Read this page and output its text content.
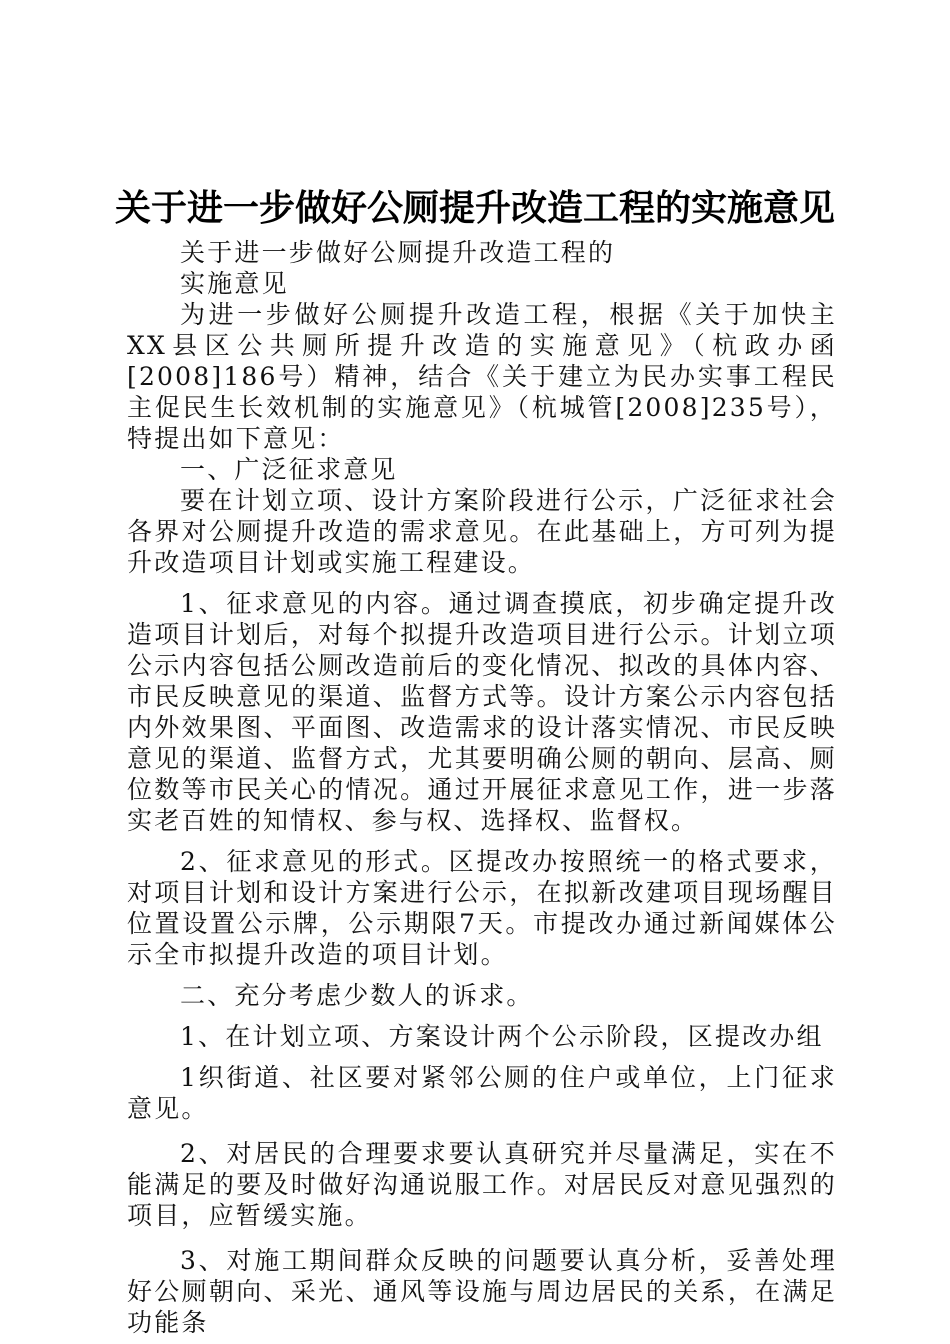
关于进一步做好公厕提升改造工程的实施意见

关于进一步做好公厕提升改造工程的

实施意见

为进一步做好公厕提升改造工程，根据《关于加快主XX县区公共厕所提升改造的实施意见》（杭政办函[2008]186号）精神，结合《关于建立为民办实事工程民主促民生长效机制的实施意见》（杭城管[2008]235号），特提出如下意见：

一、广泛征求意见

要在计划立项、设计方案阶段进行公示，广泛征求社会各界对公厕提升改造的需求意见。在此基础上，方可列为提升改造项目计划或实施工程建设。

1、征求意见的内容。通过调查摸底，初步确定提升改造项目计划后，对每个拟提升改造项目进行公示。计划立项公示内容包括公厕改造前后的变化情况、拟改的具体内容、市民反映意见的渠道、监督方式等。设计方案公示内容包括内外效果图、平面图、改造需求的设计落实情况、市民反映意见的渠道、监督方式，尤其要明确公厕的朝向、层高、厕位数等市民关心的情况。通过开展征求意见工作，进一步落实老百姓的知情权、参与权、选择权、监督权。

2、征求意见的形式。区提改办按照统一的格式要求，对项目计划和设计方案进行公示，在拟新改建项目现场醒目位置设置公示牌，公示期限7天。市提改办通过新闻媒体公示全市拟提升改造的项目计划。

二、充分考虑少数人的诉求。

1、在计划立项、方案设计两个公示阶段，区提改办组

1织街道、社区要对紧邻公厕的住户或单位，上门征求意见。

2、对居民的合理要求要认真研究并尽量满足，实在不能满足的要及时做好沟通说服工作。对居民反对意见强烈的项目，应暂缓实施。

3、对施工期间群众反映的问题要认真分析，妥善处理好公厕朝向、采光、通风等设施与周边居民的关系，在满足功能条
